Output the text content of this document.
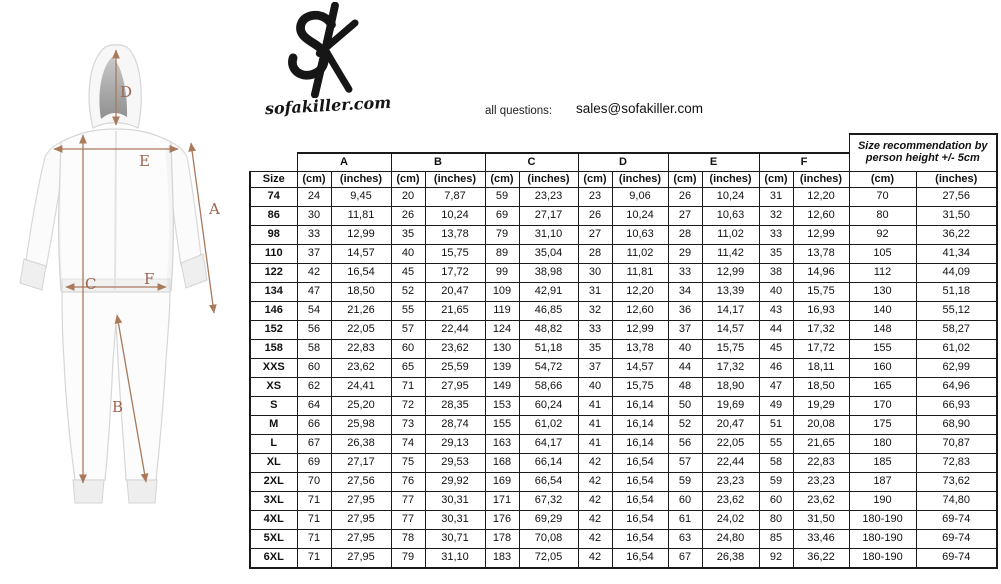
D
E
A
C	F
B
sofakiller.com	all questions: sales@sofakiller.com

													Size recommendation by
person height +/- 5cm	

	A		B		C		D		E		F			
Size	(cm)	(inches)	(cm)	(inches)	(cm)	(inches)	(cm)	(inches)	(cm)	(inches)	(cm)	(inches)	(cm)	(inches)
74	24	9,45	20	7,87	59	23,23	23	9,06	26	10,24	31	12,20	70	27,56
86	30	11,81	26	10,24	69	27,17	26	10,24	27	10,63	32	12,60	80	31,50
98	33	12,99	35	13,78	79	31,10	27	10,63	28	11,02	33	12,99	92	36,22
110	37	14,57	40	15,75	89	35,04	28	11,02	29	11,42	35	13,78	105	41,34
122	42	16,54	45	17,72	99	38,98	30	11,81	33	12,99	38	14,96	112	44,09
134	47	18,50	52	20,47	109	42,91	31	12,20	34	13,39	40	15,75	130	51,18
146	54	21,26	55	21,65	119	46,85	32	12,60	36	14,17	43	16,93	140	55,12
152	56	22,05	57	22,44	124	48,82	33	12,99	37	14,57	44	17,32	148	58,27
158	58	22,83	60	23,62	130	51,18	35	13,78	40	15,75	45	17,72	155	61,02
XXS	60	23,62	65	25,59	139	54,72	37	14,57	44	17,32	46	18,11	160	62,99
XS	62	24,41	71	27,95	149	58,66	40	15,75	48	18,90	47	18,50	165	64,96
S	64	25,20	72	28,35	153	60,24	41	16,14	50	19,69	49	19,29	170	66,93
M	66	25,98	73	28,74	155	61,02	41	16,14	52	20,47	51	20,08	175	68,90
L	67	26,38	74	29,13	163	64,17	41	16,14	56	22,05	55	21,65	180	70,87
XL	69	27,17	75	29,53	168	66,14	42	16,54	57	22,44	58	22,83	185	72,83
2XL	70	27,56	76	29,92	169	66,54	42	16,54	59	23,23	59	23,23	187	73,62
3XL	71	27,95	77	30,31	171	67,32	42	16,54	60	23,62	60	23,62	190	74,80
4XL	71	27,95	77	30,31	176	69,29	42	16,54	61	24,02	80	31,50	180-190	69-74
5XL	71	27,95	78	30,71	178	70,08	42	16,54	63	24,80	85	33,46	180-190	69-74
6XL	71	27,95	79	31,10	183	72,05	42	16,54	67	26,38	92	36,22	180-190	69-74
